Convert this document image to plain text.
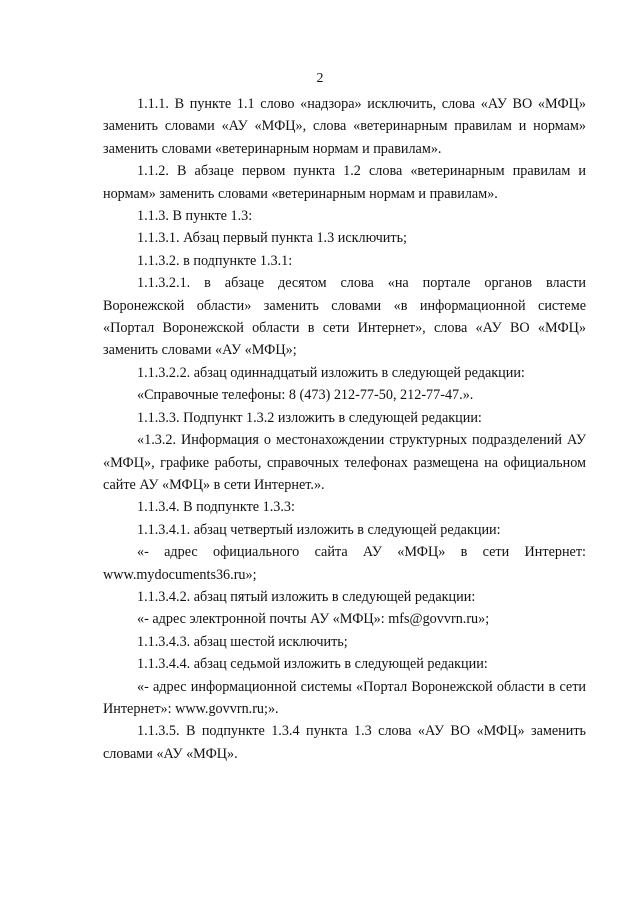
2

1.1.1. В пункте 1.1 слово «надзора» исключить, слова «АУ ВО «МФЦ» заменить словами «АУ «МФЦ», слова «ветеринарным правилам и нормам» заменить словами «ветеринарным нормам и правилам».

1.1.2. В абзаце первом пункта 1.2 слова «ветеринарным правилам и нормам» заменить словами «ветеринарным нормам и правилам».

1.1.3. В пункте 1.3:

1.1.3.1. Абзац первый пункта 1.3 исключить;

1.1.3.2. в подпункте 1.3.1:

1.1.3.2.1. в абзаце десятом слова «на портале органов власти Воронежской области» заменить словами «в информационной системе «Портал Воронежской области в сети Интернет», слова «АУ ВО «МФЦ» заменить словами «АУ «МФЦ»;

1.1.3.2.2. абзац одиннадцатый изложить в следующей редакции:

«Справочные телефоны: 8 (473) 212-77-50, 212-77-47.».

1.1.3.3. Подпункт 1.3.2 изложить в следующей редакции:

«1.3.2. Информация о местонахождении структурных подразделений АУ «МФЦ», графике работы, справочных телефонах размещена на официальном сайте АУ «МФЦ» в сети Интернет.».

1.1.3.4. В подпункте 1.3.3:

1.1.3.4.1. абзац четвертый изложить в следующей редакции:

«- адрес официального сайта АУ «МФЦ» в сети Интернет: www.mydocuments36.ru»;

1.1.3.4.2. абзац пятый изложить в следующей редакции:

«- адрес электронной почты АУ «МФЦ»: mfs@govvrn.ru»;

1.1.3.4.3. абзац шестой исключить;

1.1.3.4.4. абзац седьмой изложить в следующей редакции:

«- адрес информационной системы «Портал Воронежской области в сети Интернет»: www.govvrn.ru;».

1.1.3.5. В подпункте 1.3.4 пункта 1.3 слова «АУ ВО «МФЦ» заменить словами «АУ «МФЦ».
